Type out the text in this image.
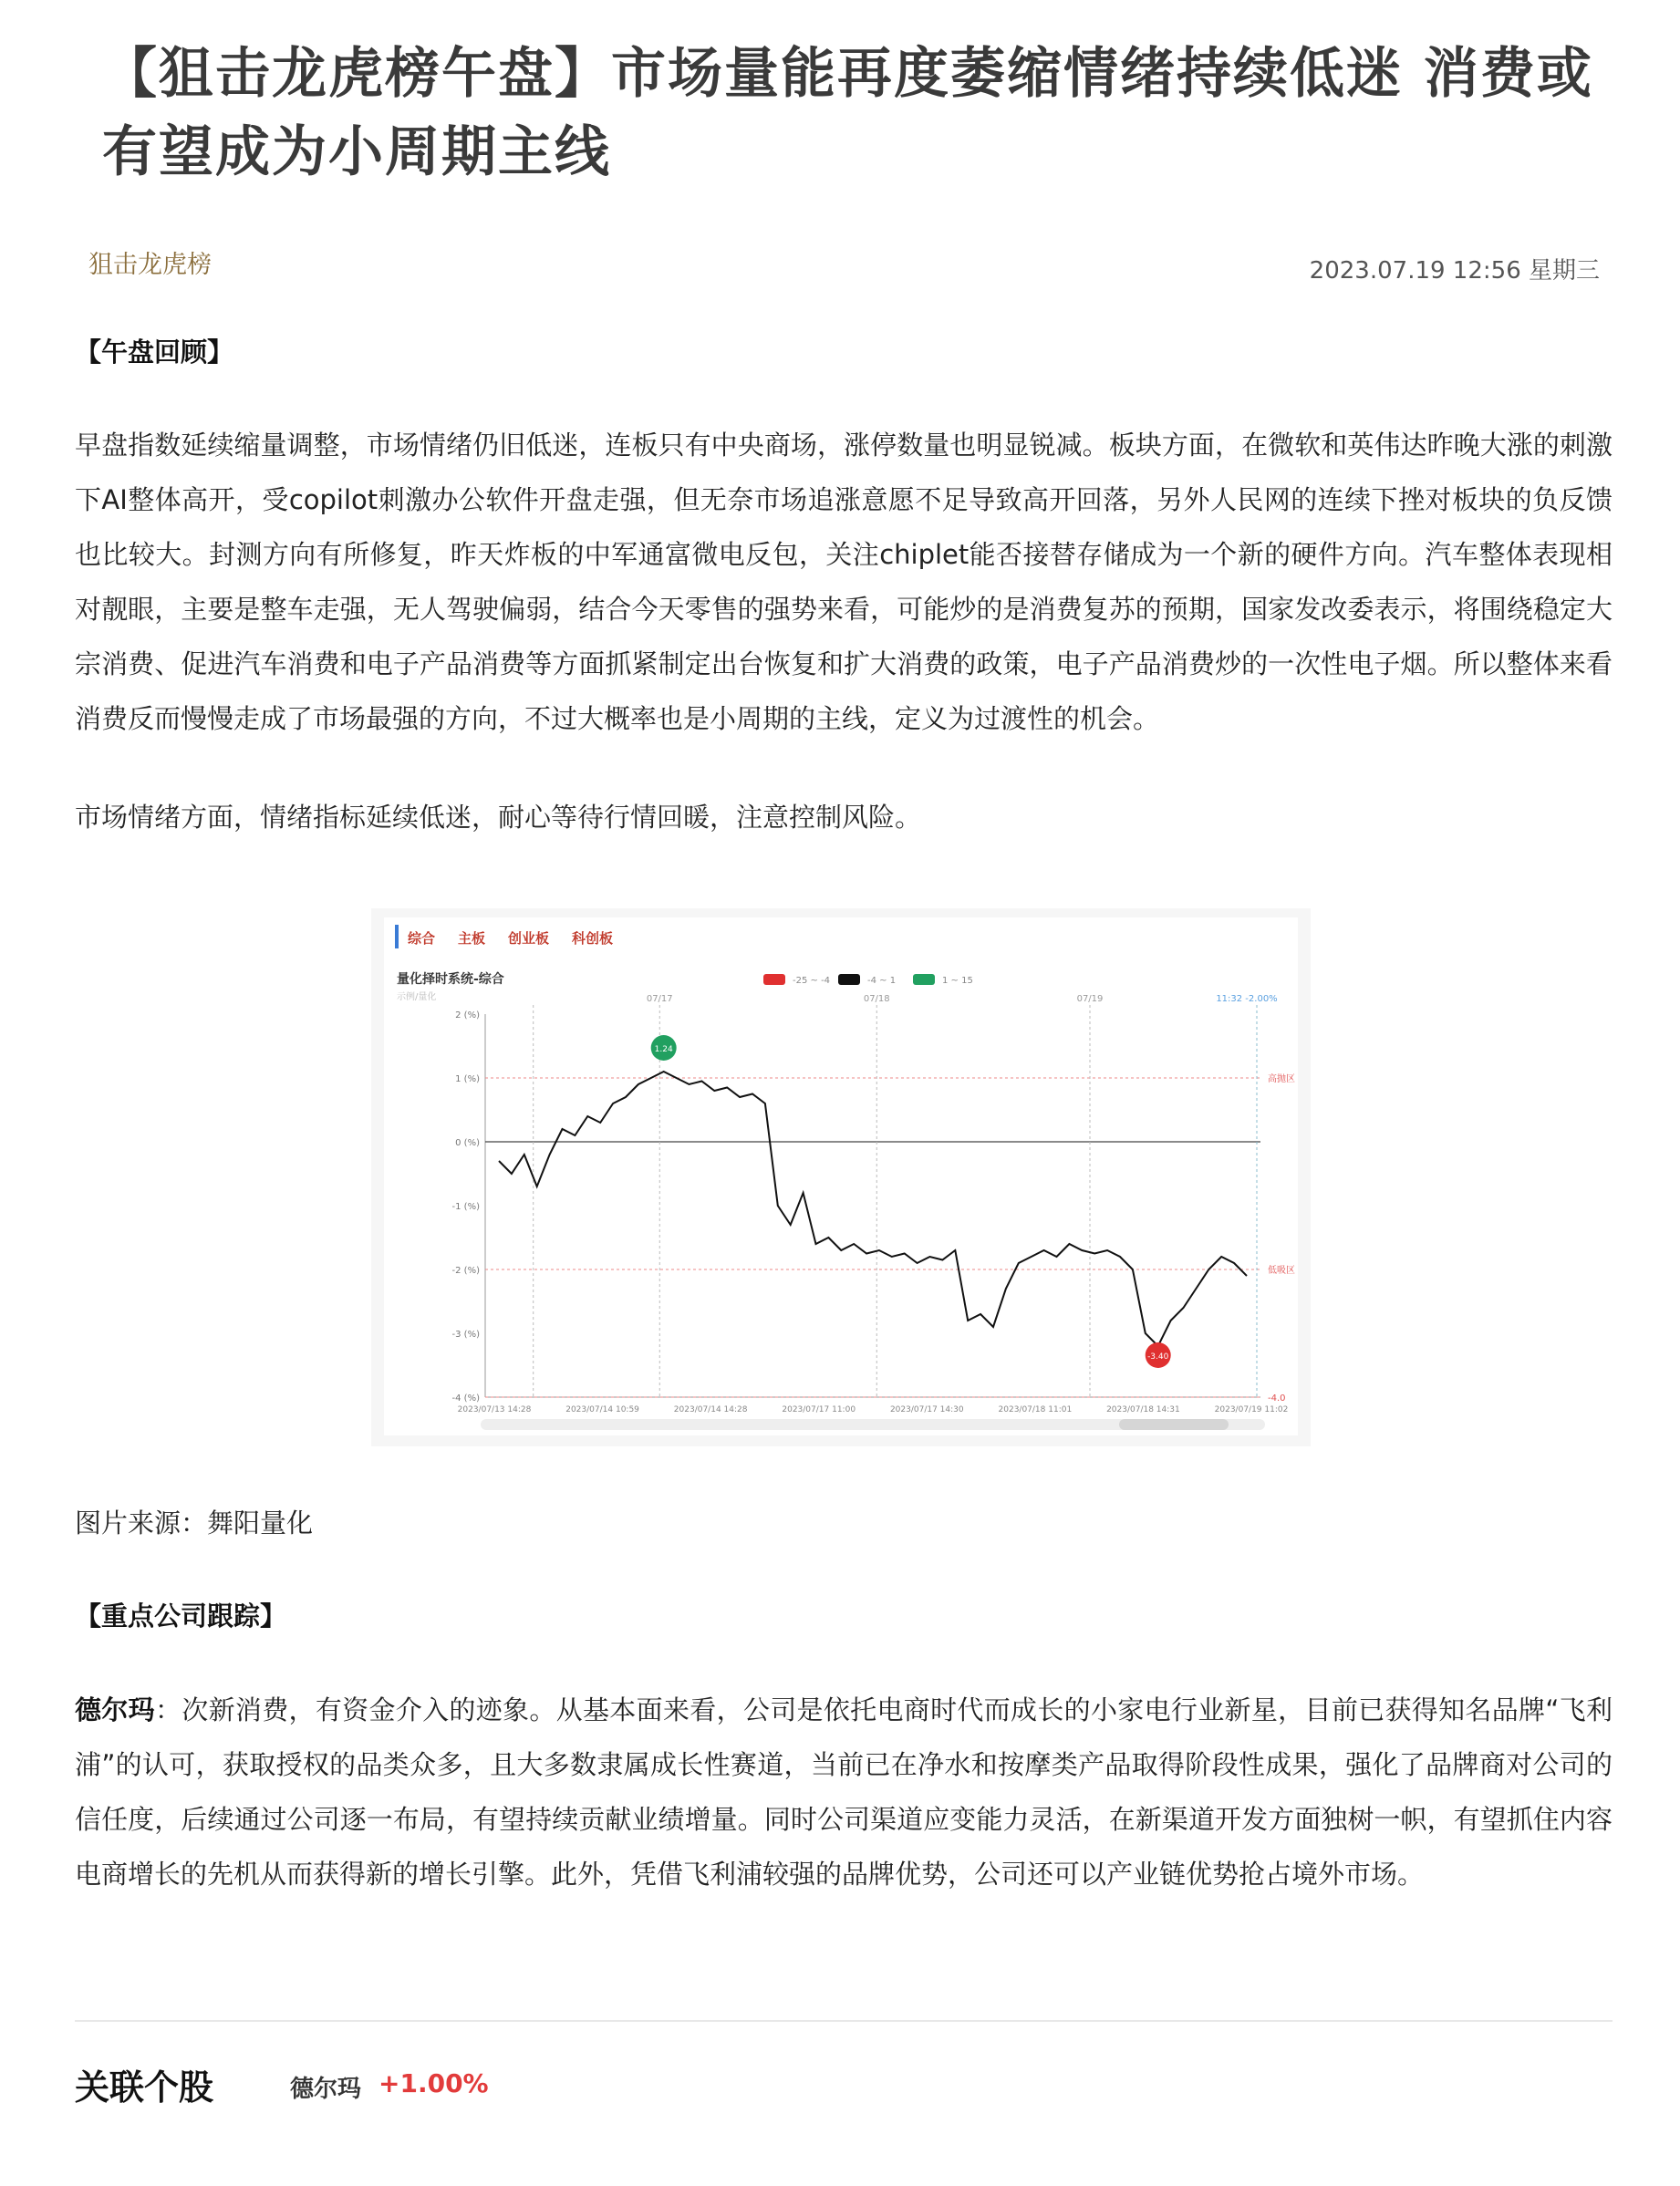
【狙击龙虎榜午盘】市场量能再度萎缩情绪持续低迷 消费或有望成为小周期主线
狙击龙虎榜	2023.07.19 12:56 星期三
【午盘回顾】
早盘指数延续缩量调整，市场情绪仍旧低迷，连板只有中央商场，涨停数量也明显锐减。板块方面，在微软和英伟达昨晚大涨的刺激下AI整体高开，受copilot刺激办公软件开盘走强，但无奈市场追涨意愿不足导致高开回落，另外人民网的连续下挫对板块的负反馈也比较大。封测方向有所修复，昨天炸板的中军通富微电反包，关注chiplet能否接替存储成为一个新的硬件方向。汽车整体表现相对靓眼，主要是整车走强，无人驾驶偏弱，结合今天零售的强势来看，可能炒的是消费复苏的预期，国家发改委表示，将围绕稳定大宗消费、促进汽车消费和电子产品消费等方面抓紧制定出台恢复和扩大消费的政策，电子产品消费炒的一次性电子烟。所以整体来看消费反而慢慢走成了市场最强的方向，不过大概率也是小周期的主线，定义为过渡性的机会。
市场情绪方面，情绪指标延续低迷，耐心等待行情回暖，注意控制风险。
综合 主板 创业板 科创板
量化择时系统-综合
示例/量化
-25 ~ -4	-4 ~ 1	1 ~ 15
11:32 -2.00%
2 (%)
1 (%)
0 (%)
-1 (%)
-2 (%)
-3 (%)
-4 (%)
高抛区
低吸区
-4.0
07/17	07/18	07/19
2023/07/13 14:28	2023/07/14 10:59	2023/07/14 14:28	2023/07/17 11:00	2023/07/17 14:30	2023/07/18 11:01	2023/07/18 14:31	2023/07/19 11:02
1.24
-3.40
图片来源：舞阳量化
【重点公司跟踪】
德尔玛：次新消费，有资金介入的迹象。从基本面来看，公司是依托电商时代而成长的小家电行业新星，目前已获得知名品牌“飞利浦”的认可，获取授权的品类众多，且大多数隶属成长性赛道，当前已在净水和按摩类产品取得阶段性成果，强化了品牌商对公司的信任度，后续通过公司逐一布局，有望持续贡献业绩增量。同时公司渠道应变能力灵活，在新渠道开发方面独树一帜，有望抓住内容电商增长的先机从而获得新的增长引擎。此外，凭借飞利浦较强的品牌优势，公司还可以产业链优势抢占境外市场。
关联个股	德尔玛 +1.00%
